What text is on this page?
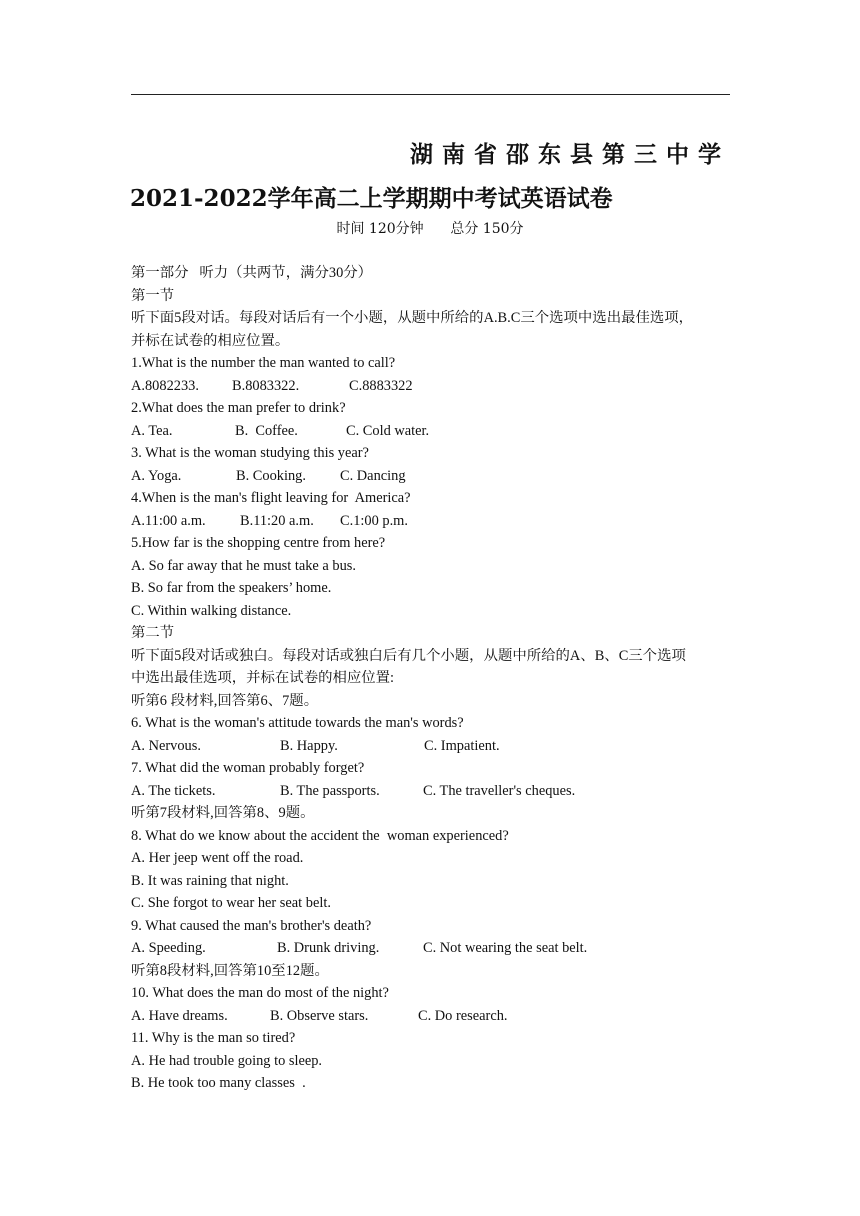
湖南省邵东县第三中学
2021-2022学年高二上学期期中考试英语试卷
时间 120分钟      总分 150分
第一部分   听力（共两节，满分30分）
第一节
听下面5段对话。每段对话后有一个小题，从题中所给的A.B.C三个选项中选出最佳选项，
并标在试卷的相应位置。
1.What is the number the man wanted to call?
A.8082233.	B.8083322.	C.8883322
2.What does the man prefer to drink?
A. Tea.	B.  Coffee.	C. Cold water.
3. What is the woman studying this year?
A. Yoga.	B. Cooking.	C. Dancing
4.When is the man's flight leaving for  America?
A.11:00 a.m.	B.11:20 a.m.	C.1:00 p.m.
5.How far is the shopping centre from here?
A. So far away that he must take a bus.
B. So far from the speakers’ home.
C. Within walking distance.
第二节
听下面5段对话或独白。每段对话或独白后有几个小题，从题中所给的A、B、C三个选项
中选出最佳选项，并标在试卷的相应位置:
听第6 段材料,回答第6、7题。
6. What is the woman's attitude towards the man's words?
A. Nervous.	B. Happy.	C. Impatient.
7. What did the woman probably forget?
A. The tickets.	B. The passports.	C. The traveller's cheques.
听第7段材料,回答第8、9题。
8. What do we know about the accident the  woman experienced?
A. Her jeep went off the road.
B. It was raining that night.
C. She forgot to wear her seat belt.
9. What caused the man's brother's death?
A. Speeding.	B. Drunk driving.	C. Not wearing the seat belt.
听第8段材料,回答第10至12题。
10. What does the man do most of the night?
A. Have dreams.	B. Observe stars.	C. Do research.
11. Why is the man so tired?
A. He had trouble going to sleep.
B. He took too many classes  .
